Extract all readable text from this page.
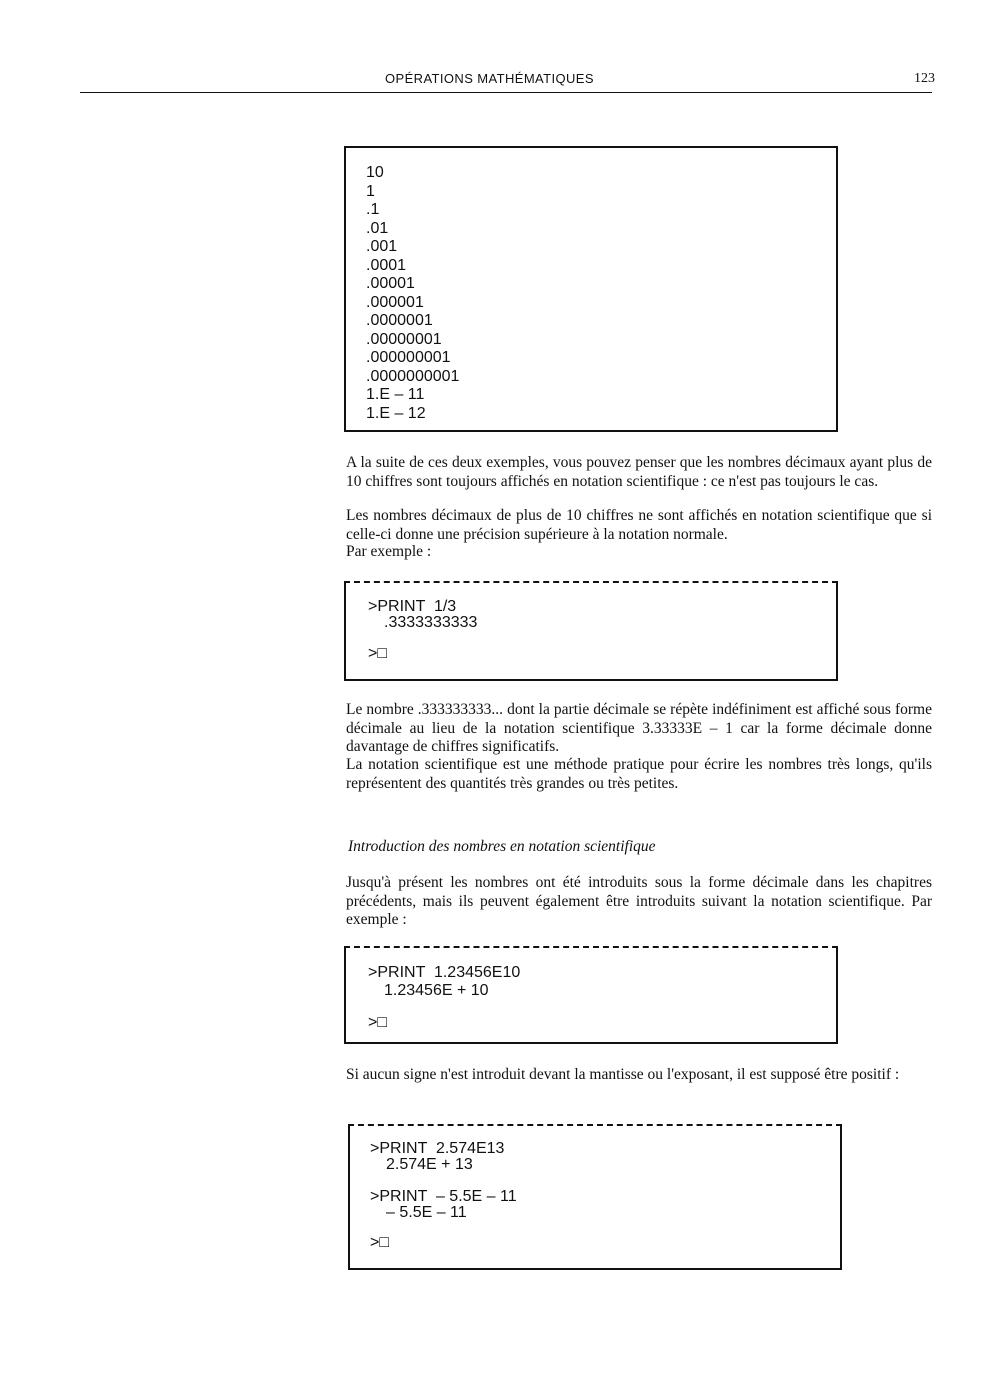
OPÉRATIONS MATHÉMATIQUES	123
10
1
.1
.01
.001
.0001
.00001
.000001
.0000001
.00000001
.000000001
.0000000001
1.E – 11
1.E – 12
A la suite de ces deux exemples, vous pouvez penser que les nombres décimaux ayant plus de 10 chiffres sont toujours affichés en notation scientifique : ce n'est pas toujours le cas.
Les nombres décimaux de plus de 10 chiffres ne sont affichés en notation scientifique que si celle-ci donne une précision supérieure à la notation normale.
Par exemple :
>PRINT  1/3
.3333333333
>□
Le nombre .333333333... dont la partie décimale se répète indéfiniment est affiché sous forme décimale au lieu de la notation scientifique 3.33333E – 1 car la forme décimale donne davantage de chiffres significatifs.
La notation scientifique est une méthode pratique pour écrire les nombres très longs, qu'ils représentent des quantités très grandes ou très petites.
Introduction des nombres en notation scientifique
Jusqu'à présent les nombres ont été introduits sous la forme décimale dans les chapitres précédents, mais ils peuvent également être introduits suivant la notation scientifique. Par exemple :
>PRINT  1.23456E10
1.23456E + 10
>□
Si aucun signe n'est introduit devant la mantisse ou l'exposant, il est supposé être positif :
>PRINT  2.574E13
2.574E + 13
>PRINT  – 5.5E – 11
– 5.5E – 11
>□
